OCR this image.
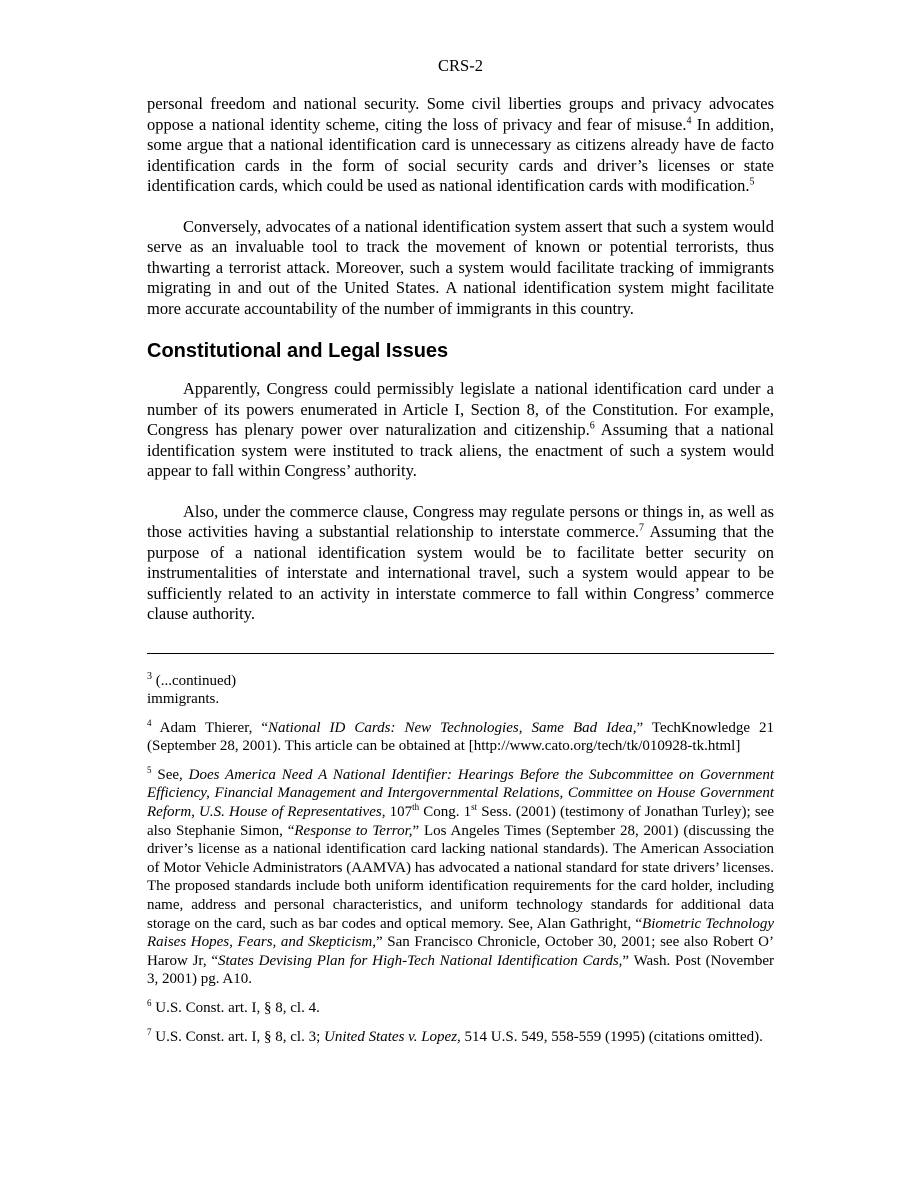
CRS-2

personal freedom and national security. Some civil liberties groups and privacy advocates oppose a national identity scheme, citing the loss of privacy and fear of misuse.$^4$ In addition, some argue that a national identification card is unnecessary as citizens already have de facto identification cards in the form of social security cards and driver’s licenses or state identification cards, which could be used as national identification cards with modification.$^5$

Conversely, advocates of a national identification system assert that such a system would serve as an invaluable tool to track the movement of known or potential terrorists, thus thwarting a terrorist attack. Moreover, such a system would facilitate tracking of immigrants migrating in and out of the United States. A national identification system might facilitate more accurate accountability of the number of immigrants in this country.

Constitutional and Legal Issues

Apparently, Congress could permissibly legislate a national identification card under a number of its powers enumerated in Article I, Section 8, of the Constitution. For example, Congress has plenary power over naturalization and citizenship.$^6$ Assuming that a national identification system were instituted to track aliens, the enactment of such a system would appear to fall within Congress’ authority.

Also, under the commerce clause, Congress may regulate persons or things in, as well as those activities having a substantial relationship to interstate commerce.$^7$ Assuming that the purpose of a national identification system would be to facilitate better security on instrumentalities of interstate and international travel, such a system would appear to be sufficiently related to an activity in interstate commerce to fall within Congress’ commerce clause authority.

$^3$ (...continued)
immigrants.

$^4$ Adam Thierer, “National ID Cards: New Technologies, Same Bad Idea,” TechKnowledge 21 (September 28, 2001). This article can be obtained at [http://www.cato.org/tech/tk/010928-tk.html]

$^5$ See, Does America Need A National Identifier: Hearings Before the Subcommittee on Government Efficiency, Financial Management and Intergovernmental Relations, Committee on House Government Reform, U.S. House of Representatives, 107th Cong. 1st Sess. (2001) (testimony of Jonathan Turley); see also Stephanie Simon, “Response to Terror,” Los Angeles Times (September 28, 2001) (discussing the driver’s license as a national identification card lacking national standards). The American Association of Motor Vehicle Administrators (AAMVA) has advocated a national standard for state drivers’ licenses. The proposed standards include both uniform identification requirements for the card holder, including name, address and personal characteristics, and uniform technology standards for additional data storage on the card, such as bar codes and optical memory. See, Alan Gathright, “Biometric Technology Raises Hopes, Fears, and Skepticism,” San Francisco Chronicle, October 30, 2001; see also Robert O’ Harow Jr, “States Devising Plan for High-Tech National Identification Cards,” Wash. Post (November 3, 2001) pg. A10.

$^6$ U.S. Const. art. I, § 8, cl. 4.

$^7$ U.S. Const. art. I, § 8, cl. 3; United States v. Lopez, 514 U.S. 549, 558-559 (1995) (citations omitted).
